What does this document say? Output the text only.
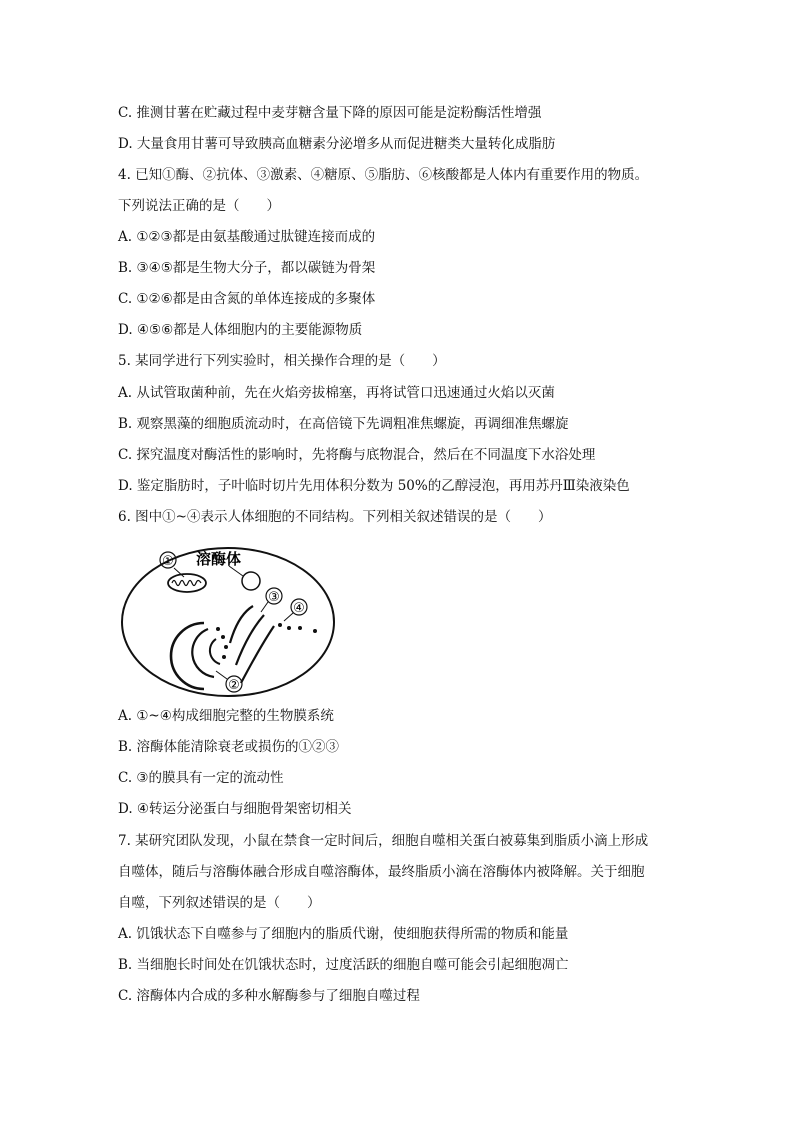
C. 推测甘薯在贮藏过程中麦芽糖含量下降的原因可能是淀粉酶活性增强
D. 大量食用甘薯可导致胰高血糖素分泌增多从而促进糖类大量转化成脂肪
4. 已知①酶、②抗体、③激素、④糖原、⑤脂肪、⑥核酸都是人体内有重要作用的物质。
下列说法正确的是（　　）
A. ①②③都是由氨基酸通过肽键连接而成的
B. ③④⑤都是生物大分子，都以碳链为骨架
C. ①②⑥都是由含氮的单体连接成的多聚体
D. ④⑤⑥都是人体细胞内的主要能源物质
5. 某同学进行下列实验时，相关操作合理的是（　　）
A. 从试管取菌种前，先在火焰旁拔棉塞，再将试管口迅速通过火焰以灭菌
B. 观察黑藻的细胞质流动时，在高倍镜下先调粗准焦螺旋，再调细准焦螺旋
C. 探究温度对酶活性的影响时，先将酶与底物混合，然后在不同温度下水浴处理
D. 鉴定脂肪时，子叶临时切片先用体积分数为 50%的乙醇浸泡，再用苏丹Ⅲ染液染色
6. 图中①~④表示人体细胞的不同结构。下列相关叙述错误的是（　　）
① 溶酶体
②
③
④
A. ①~④构成细胞完整的生物膜系统
B. 溶酶体能清除衰老或损伤的①②③
C. ③的膜具有一定的流动性
D. ④转运分泌蛋白与细胞骨架密切相关
7. 某研究团队发现，小鼠在禁食一定时间后，细胞自噬相关蛋白被募集到脂质小滴上形成
自噬体，随后与溶酶体融合形成自噬溶酶体，最终脂质小滴在溶酶体内被降解。关于细胞
自噬，下列叙述错误的是（　　）
A. 饥饿状态下自噬参与了细胞内的脂质代谢，使细胞获得所需的物质和能量
B. 当细胞长时间处在饥饿状态时，过度活跃的细胞自噬可能会引起细胞凋亡
C. 溶酶体内合成的多种水解酶参与了细胞自噬过程
